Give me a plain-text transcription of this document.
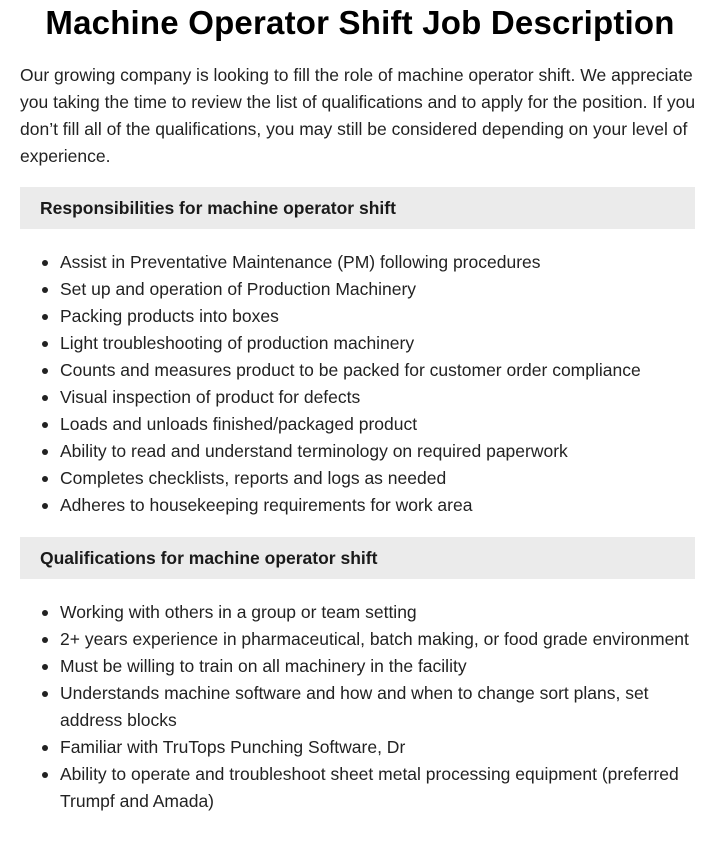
Machine Operator Shift Job Description

Our growing company is looking to fill the role of machine operator shift. We appreciate you taking the time to review the list of qualifications and to apply for the position. If you don’t fill all of the qualifications, you may still be considered depending on your level of experience.

Responsibilities for machine operator shift
Assist in Preventative Maintenance (PM) following procedures
Set up and operation of Production Machinery
Packing products into boxes
Light troubleshooting of production machinery
Counts and measures product to be packed for customer order compliance
Visual inspection of product for defects
Loads and unloads finished/packaged product
Ability to read and understand terminology on required paperwork
Completes checklists, reports and logs as needed
Adheres to housekeeping requirements for work area
Qualifications for machine operator shift
Working with others in a group or team setting
2+ years experience in pharmaceutical, batch making, or food grade environment
Must be willing to train on all machinery in the facility
Understands machine software and how and when to change sort plans, set address blocks
Familiar with TruTops Punching Software, Dr
Ability to operate and troubleshoot sheet metal processing equipment (preferred Trumpf and Amada)
